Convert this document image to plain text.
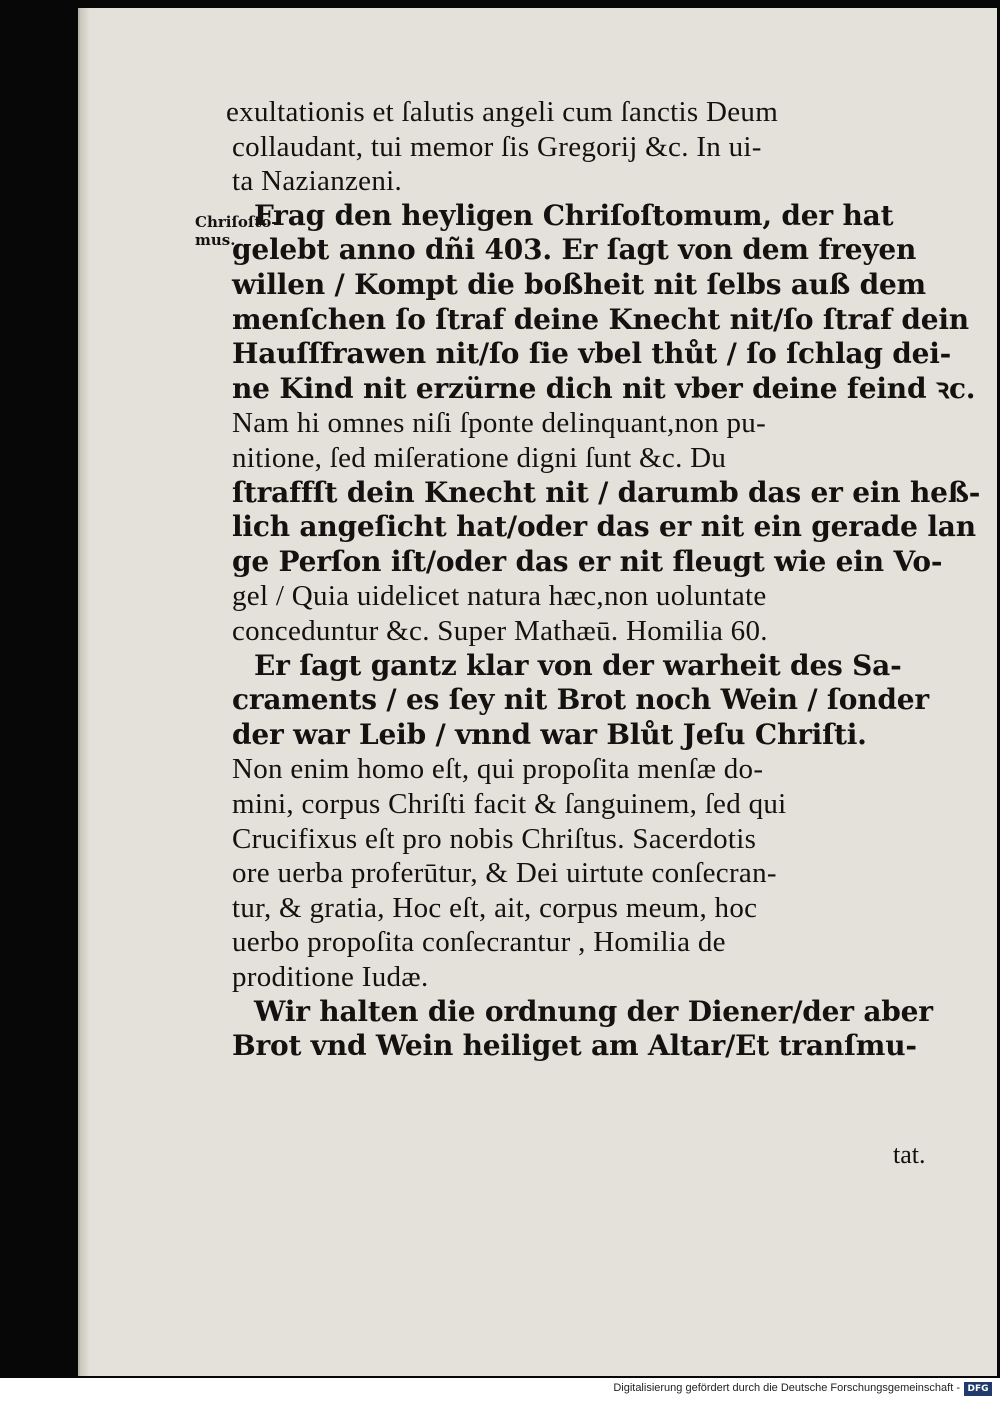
Chriſoſto-
mus.
exultationis et ſalutis angeli cum ſanctis Deum
collaudant, tui memor ſis Gregorij &c. In ui-
ta Nazianzeni.
Frag den heyligen Chriſoſtomum, der hat
gelebt anno dñi 403. Er ſagt von dem freyen
willen / Kompt die boßheit nit ſelbs auß dem
menſchen ſo ſtraf deine Knecht nit/ſo ſtraf dein
Hauſſfrawen nit/ſo ſie vbel thůt / ſo ſchlag dei-
ne Kind nit erzürne dich nit vber deine feind ꝛc.
Nam hi omnes niſi ſponte delinquant,non pu-
nitione, ſed miſeratione digni ſunt &c. Du
ſtraffſt dein Knecht nit / darumb das er ein heß-
lich angeſicht hat/oder das er nit ein gerade lan
ge Perſon iſt/oder das er nit fleugt wie ein Vo-
gel / Quia uidelicet natura hæc,non uoluntate
conceduntur &c. Super Mathæū. Homilia 60.
Er ſagt gantz klar von der warheit des Sa-
craments / es ſey nit Brot noch Wein / ſonder
der war Leib / vnnd war Blůt Jeſu Chriſti.
Non enim homo eſt, qui propoſita menſæ do-
mini, corpus Chriſti facit & ſanguinem, ſed qui
Crucifixus eſt pro nobis Chriſtus. Sacerdotis
ore uerba proferūtur, & Dei uirtute conſecran-
tur, & gratia, Hoc eſt, ait, corpus meum, hoc
uerbo propoſita conſecrantur , Homilia de
proditione Iudæ.
Wir halten die ordnung der Diener/der aber
Brot vnd Wein heiliget am Altar/Et tranſmu-
tat.
Digitalisierung gefördert durch die Deutsche Forschungsgemeinschaft - DFG
